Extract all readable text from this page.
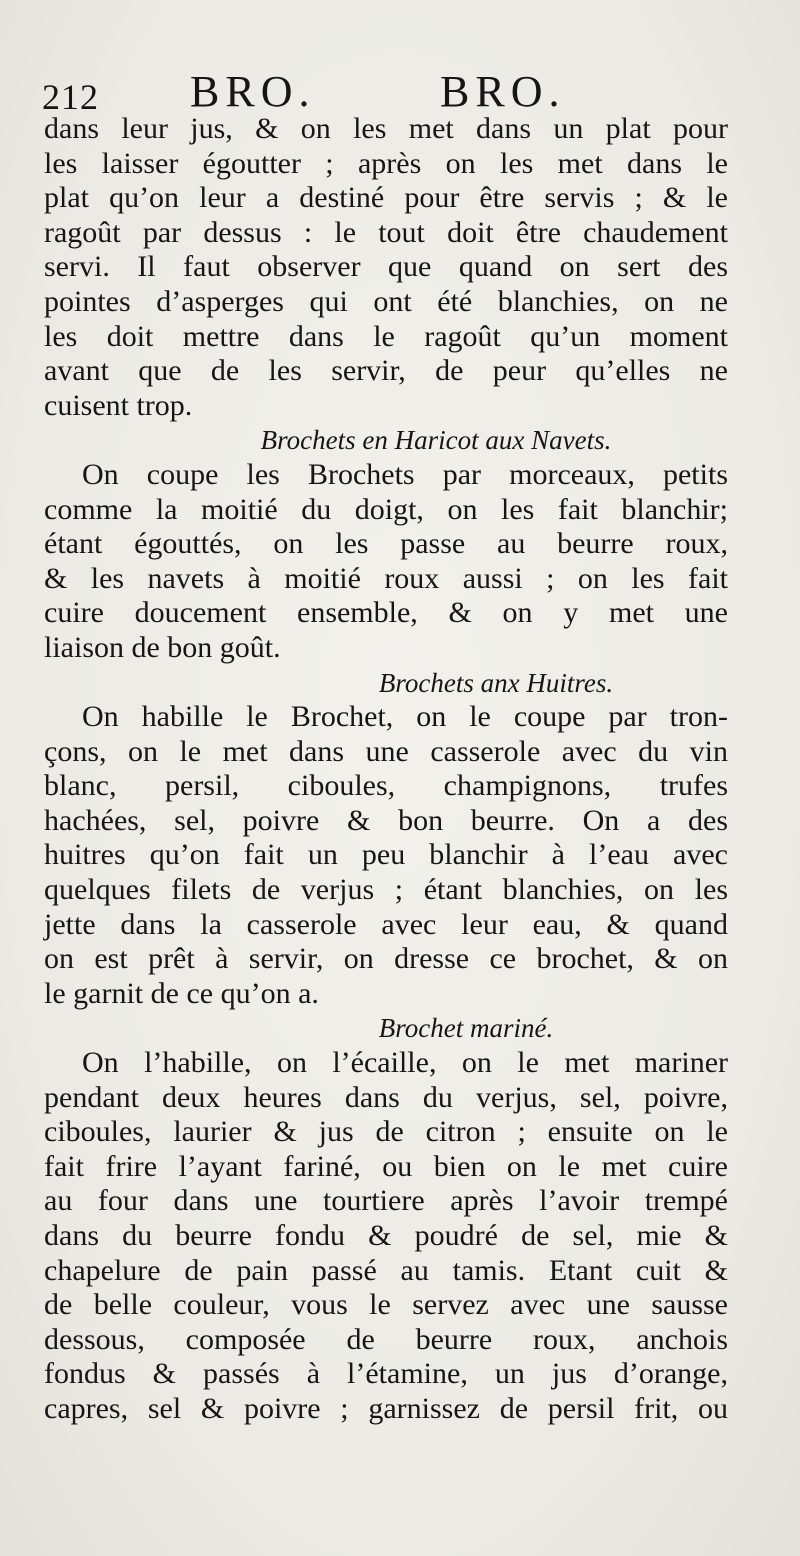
212 BRO.	BRO.
dans leur jus, & on les met dans un plat pour
les laisser égoutter ; après on les met dans le
plat qu’on leur a destiné pour être servis ; & le
ragoût par dessus : le tout doit être chaudement
servi. Il faut observer que quand on sert des
pointes d’asperges qui ont été blanchies, on ne
les doit mettre dans le ragoût qu’un moment
avant que de les servir, de peur qu’elles ne
cuisent trop.
Brochets en Haricot aux Navets.
On coupe les Brochets par morceaux, petits
comme la moitié du doigt, on les fait blanchir;
étant égouttés, on les passe au beurre roux,
& les navets à moitié roux aussi ; on les fait
cuire doucement ensemble, & on y met une
liaison de bon goût.
Brochets anx Huitres.
On habille le Brochet, on le coupe par tron-
çons, on le met dans une casserole avec du vin
blanc, persil, ciboules, champignons, trufes
hachées, sel, poivre & bon beurre. On a des
huitres qu’on fait un peu blanchir à l’eau avec
quelques filets de verjus ; étant blanchies, on les
jette dans la casserole avec leur eau, & quand
on est prêt à servir, on dresse ce brochet, & on
le garnit de ce qu’on a.
Brochet mariné.
On l’habille, on l’écaille, on le met mariner
pendant deux heures dans du verjus, sel, poivre,
ciboules, laurier & jus de citron ; ensuite on le
fait frire l’ayant fariné, ou bien on le met cuire
au four dans une tourtiere après l’avoir trempé
dans du beurre fondu & poudré de sel, mie &
chapelure de pain passé au tamis. Etant cuit &
de belle couleur, vous le servez avec une sausse
dessous, composée de beurre roux, anchois
fondus & passés à l’étamine, un jus d’orange,
capres, sel & poivre ; garnissez de persil frit, ou
